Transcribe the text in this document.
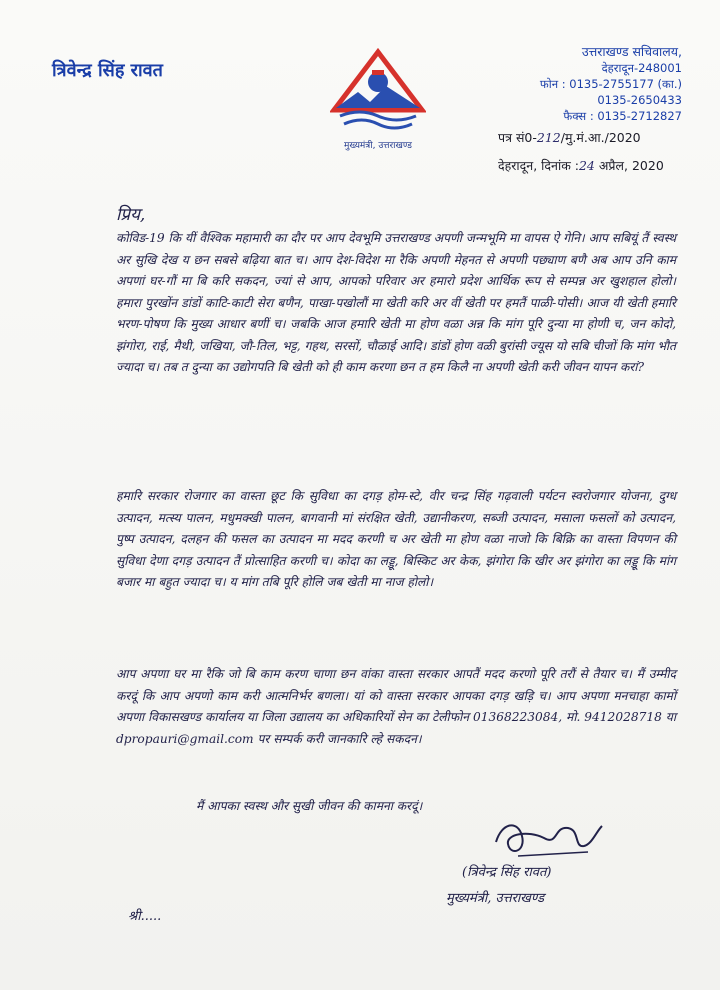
त्रिवेन्द्र सिंह रावत
मुख्यमंत्री, उत्तराखण्ड
उत्तराखण्ड सचिवालय,
देहरादून-248001
फोन : 0135-2755177 (का.)
0135-2650433
फैक्स : 0135-2712827
पत्र सं0-212/मु.मं.आ./2020
देहरादून, दिनांक :24 अप्रैल, 2020
प्रिय,
कोविड-19 कि यीं वैश्विक महामारी का दौर पर आप देवभूमि उत्तराखण्ड अपणी जन्मभूमि मा वापस ऐ गेनि। आप सबियूं तैं स्वस्थ अर सुखि देख य छन सबसे बढ़िया बात च। आप देश-विदेश मा रैकि अपणी मेहनत से अपणी पछ्याण बणै अब आप उनि काम अपणां घर-गौं मा बि करि सकदन, ज्यां से आप, आपको परिवार अर हमारो प्रदेश आर्थिक रूप से सम्पन्न अर खुशहाल होलो। हमारा पुरखोंन डांडों काटि-काटी सेरा बणैन, पाखा-पखोलौं मा खेती करि अर वीं खेती पर हमतैं पाळी-पोसी। आज यी खेती हमारि भरण-पोषण कि मुख्य आधार बणीं च। जबकि आज हमारि खेती मा होण वळा अन्न कि मांग पूरि दुन्या मा होणी च, जन कोदो, झंगोरा, राई, मैथी, जखिया, जौ-तिल, भट्ट, गहथ, सरसों, चौळाई आदि। डांडों होण वळी बुरांसी ज्यूस यो सबि चीजों कि मांग भौत ज्यादा च। तब त दुन्या का उद्योगपति बि खेती को ही काम करणा छन त हम किलै ना अपणी खेती करी जीवन यापन करां?
हमारि सरकार रोजगार का वास्ता छूट कि सुविधा का दगड़ होम-स्टे, वीर चन्द्र सिंह गढ़वाली पर्यटन स्वरोजगार योजना, दुग्ध उत्पादन, मत्स्य पालन, मधुमक्खी पालन, बागवानी मां संरक्षित खेती, उद्यानीकरण, सब्जी उत्पादन, मसाला फसलों को उत्पादन, पुष्प उत्पादन, दलहन की फसल का उत्पादन मा मदद करणी च अर खेती मा होण वळा नाजो कि बिक्रि का वास्ता विपणन की सुविधा देणा दगड़ उत्पादन तैं प्रोत्साहित करणी च। कोदा का लड्डू, बिस्किट अर केक, झंगोरा कि खीर अर झंगोरा का लड्डू कि मांग बजार मा बहुत ज्यादा च। य मांग तबि पूरि होलि जब खेती मा नाज होलो।
आप अपणा घर मा रैकि जो बि काम करण चाणा छन वांका वास्ता सरकार आपतैं मदद करणो पूरि तरौं से तैयार च। मैं उम्मीद करदूं कि आप अपणो काम करी आत्मनिर्भर बणला। यां को वास्ता सरकार आपका दगड़ खड़ि च। आप अपणा मनचाहा कामों अपणा विकासखण्ड कार्यालय या जिला उद्यालय का अधिकारियों सेन का टेलीफोन 01368223084, मो. 9412028718 या dpropauri@gmail.com पर सम्पर्क करी जानकारि ल्हे सकदन।
मैं आपका स्वस्थ और सुखी जीवन की कामना करदूं।
(त्रिवेन्द्र सिंह रावत)
मुख्यमंत्री, उत्तराखण्ड
श्री.....
